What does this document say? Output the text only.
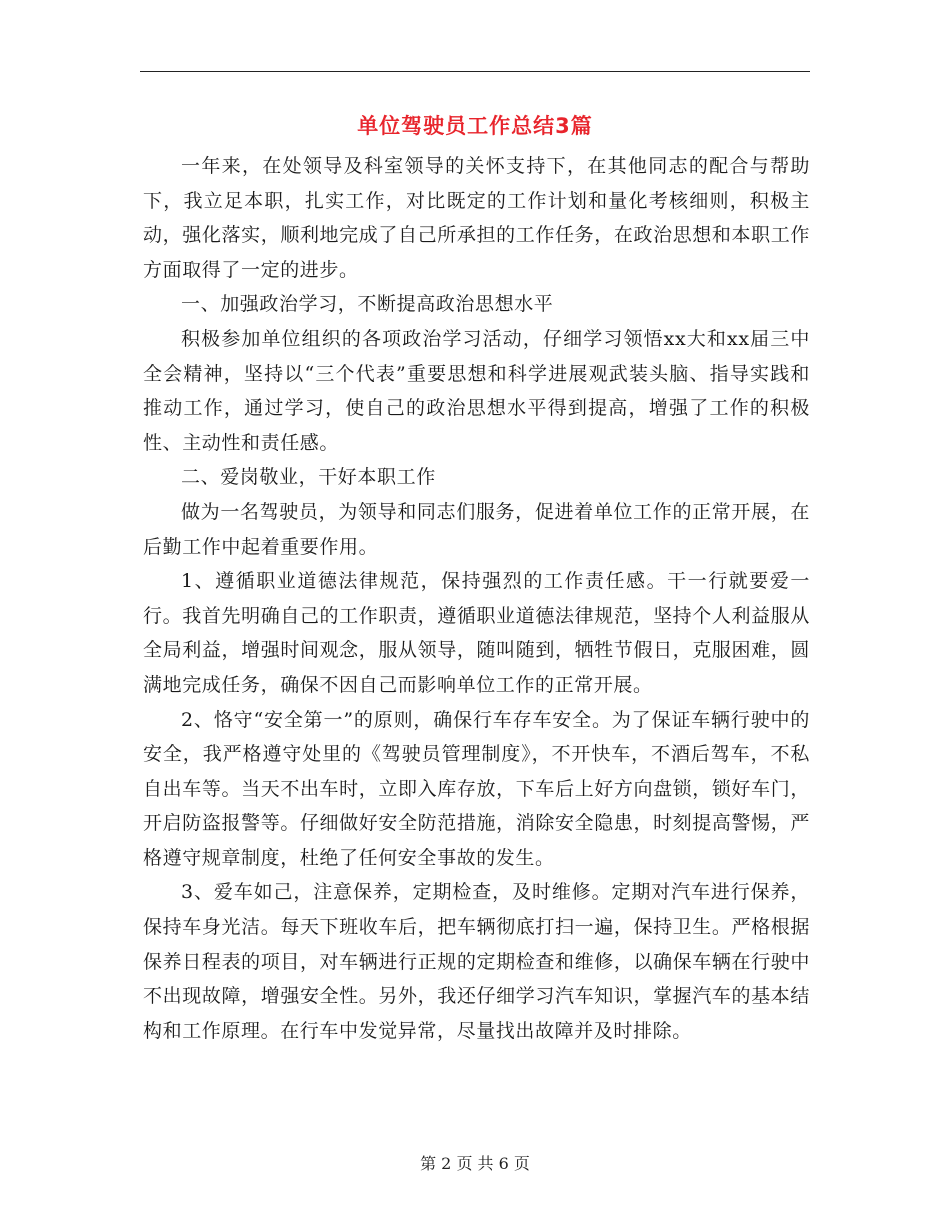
单位驾驶员工作总结3篇

一年来，在处领导及科室领导的关怀支持下，在其他同志的配合与帮助下，我立足本职，扎实工作，对比既定的工作计划和量化考核细则，积极主动，强化落实，顺利地完成了自己所承担的工作任务，在政治思想和本职工作方面取得了一定的进步。

一、加强政治学习，不断提高政治思想水平

积极参加单位组织的各项政治学习活动，仔细学习领悟xx大和xx届三中全会精神，坚持以“三个代表”重要思想和科学进展观武装头脑、指导实践和推动工作，通过学习，使自己的政治思想水平得到提高，增强了工作的积极性、主动性和责任感。

二、爱岗敬业，干好本职工作

做为一名驾驶员，为领导和同志们服务，促进着单位工作的正常开展，在后勤工作中起着重要作用。

1、遵循职业道德法律规范，保持强烈的工作责任感。干一行就要爱一行。我首先明确自己的工作职责，遵循职业道德法律规范，坚持个人利益服从全局利益，增强时间观念，服从领导，随叫随到，牺牲节假日，克服困难，圆满地完成任务，确保不因自己而影响单位工作的正常开展。

2、恪守“安全第一”的原则，确保行车存车安全。为了保证车辆行驶中的安全，我严格遵守处里的《驾驶员管理制度》，不开快车，不酒后驾车，不私自出车等。当天不出车时，立即入库存放，下车后上好方向盘锁，锁好车门，开启防盗报警等。仔细做好安全防范措施，消除安全隐患，时刻提高警惕，严格遵守规章制度，杜绝了任何安全事故的发生。

3、爱车如己，注意保养，定期检查，及时维修。定期对汽车进行保养，保持车身光洁。每天下班收车后，把车辆彻底打扫一遍，保持卫生。严格根据保养日程表的项目，对车辆进行正规的定期检查和维修，以确保车辆在行驶中不出现故障，增强安全性。另外，我还仔细学习汽车知识，掌握汽车的基本结构和工作原理。在行车中发觉异常，尽量找出故障并及时排除。

第 2 页 共 6 页
